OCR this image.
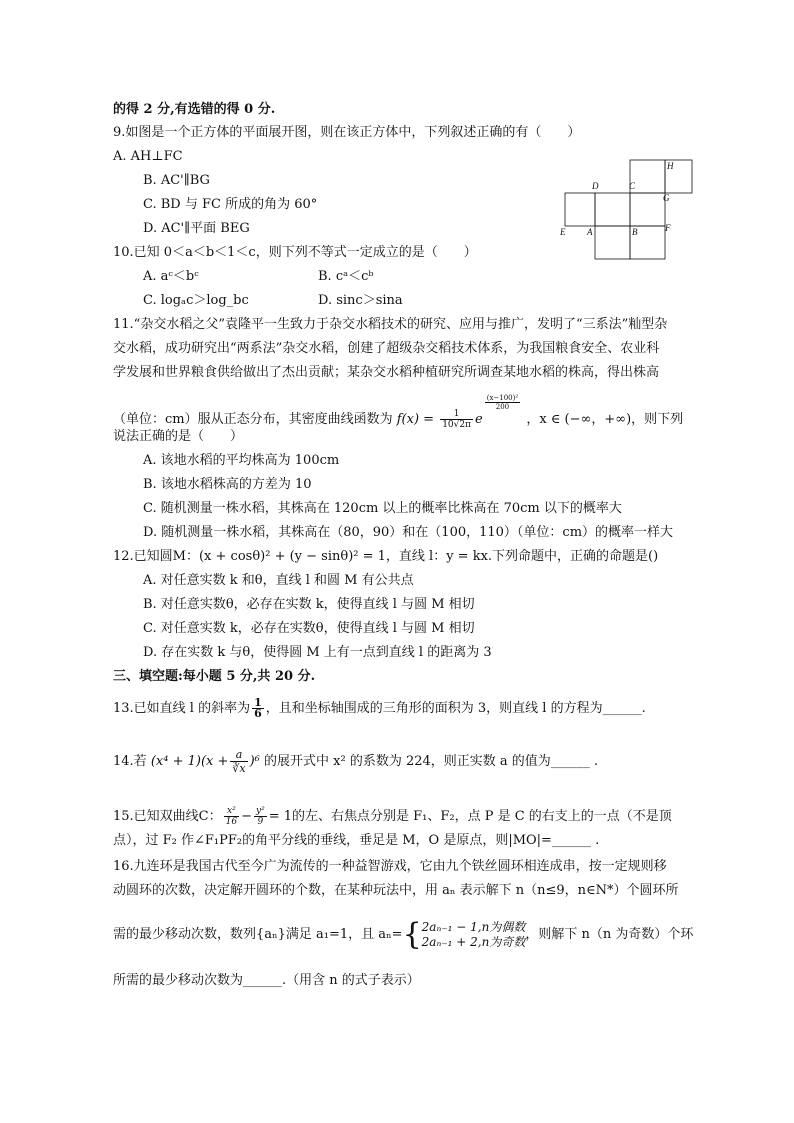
的得 2 分,有选错的得 0 分.
9.如图是一个正方体的平面展开图，则在该正方体中，下列叙述正确的有（　　）
A. AH⊥FC
B. AC'∥BG
C. BD 与 FC 所成的角为 60°
D. AC'∥平面 BEG
H
D	C
G
E A	B	F
10.已知 0＜a＜b＜1＜c，则下列不等式一定成立的是（　　）
A. aᶜ＜bᶜ	B. cᵃ＜cᵇ
C. logₐc＞log_bc	D. sinc＞sina
11.“杂交水稻之父”袁隆平一生致力于杂交水稻技术的研究、应用与推广，发明了“三系法”籼型杂
交水稻，成功研究出“两系法”杂交水稻，创建了超级杂交稻技术体系，为我国粮食安全、农业科
学发展和世界粮食供给做出了杰出贡献；某杂交水稻种植研究所调查某地水稻的株高，得出株高
（单位：cm）服从正态分布，其密度曲线函数为 $f(x) = \frac{1}{10√2\pi}$ e
$\frac{\text{(x−100)²}}{200}$
，x ∈ (−∞，+∞)，则下列
说法正确的是（　　）
A. 该地水稻的平均株高为 100cm
B. 该地水稻株高的方差为 10
C. 随机测量一株水稻，其株高在 120cm 以上的概率比株高在 70cm 以下的概率大
D. 随机测量一株水稻，其株高在（80，90）和在（100，110）（单位：cm）的概率一样大
12.已知圆M：(x + cosθ)² + (y − sinθ)² = 1，直线 l：y = kx.下列命题中，正确的命题是()
A. 对任意实数 k 和θ，直线 l 和圆 M 有公共点
B. 对任意实数θ，必存在实数 k，使得直线 l 与圆 M 相切
C. 对任意实数 k，必存在实数θ，使得直线 l 与圆 M 相切
D. 存在实数 k 与θ，使得圆 M 上有一点到直线 l 的距离为 3
三、填空题:每小题 5 分,共 20 分.
13.已如直线 l 的斜率为 $\frac{1}{6}$ ，且和坐标轴围成的三角形的面积为 3，则直线 l 的方程为______.
14.若 $(x^4 + 1)(x + \frac{a}{∛x} )^6$ 的展开式中 x² 的系数为 224，则正实数 a 的值为______ .
15.已知双曲线C： $\frac{\text{x²}}{16} - \frac{\text{y²}}{9} = 1$的左、右焦点分别是 F₁、F₂，点 P 是 C 的右支上的一点（不是顶
点），过 F₂ 作∠F₁PF₂的角平分线的垂线，垂足是 M，O 是原点，则|MO|=______ .
16.九连环是我国古代至今广为流传的一种益智游戏，它由九个铁丝圆环相连成串，按一定规则移
动圆环的次数，决定解开圆环的个数，在某种玩法中，用 aₙ 表示解下 n（n≤9，n∈N*）个圆环所
需的最少移动次数，数列{aₙ}满足 a₁=1，且 aₙ={ 2aₙ₋₁ − 1,n为偶数
2aₙ₋₁ + 2,n为奇数 ，则解下 n（n 为奇数）个环
所需的最少移动次数为______.（用含 n 的式子表示）
